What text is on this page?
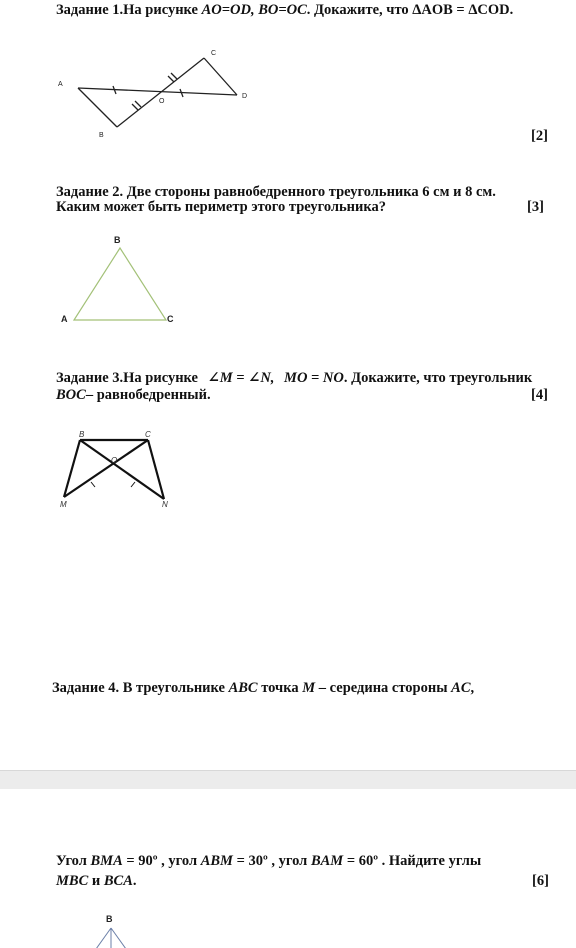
Задание 1.На рисунке AO=OD, BO=OC. Докажите, что ΔAOB = ΔCOD.
A
B
C
D
O
[2]
Задание 2. Две стороны равнобедренного треугольника 6 см и 8 см.
Каким может быть периметр этого треугольника?	[3]
B
A	C
Задание 3.На рисунке ∠M = ∠N, MO = NO. Докажите, что треугольник
BOC– равнобедренный.	[4]
B	C
O
M	N
Задание 4. В треугольнике ABC точка M – середина стороны AC,
Угол BMA = 90º , угол ABM = 30º , угол BAM = 60º . Найдите углы
MBC и BCA.	[6]
B
